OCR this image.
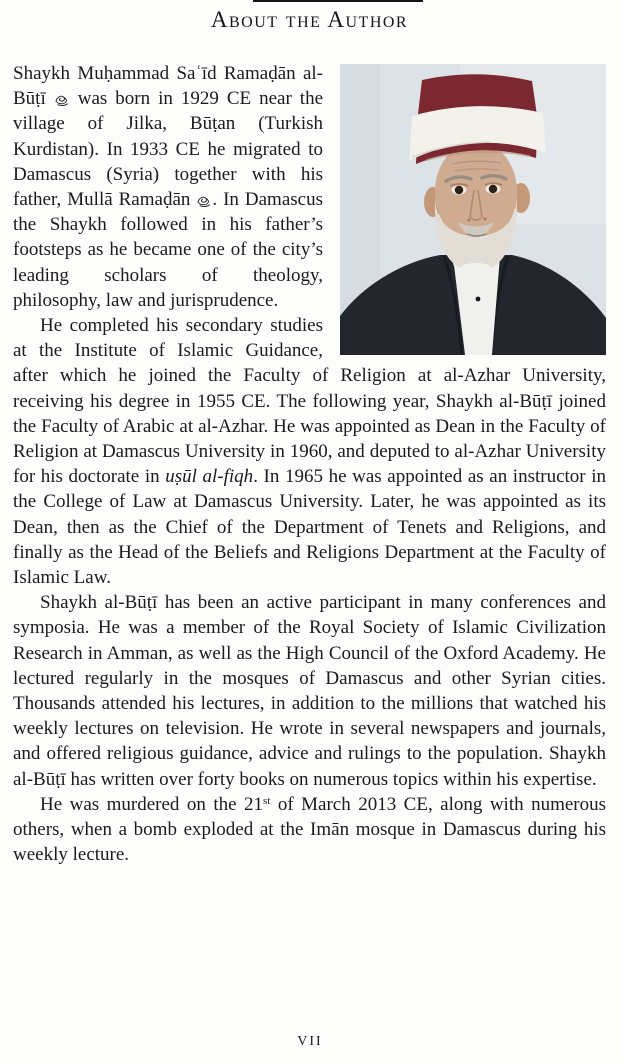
About the Author

Shaykh Muḥammad Saʿīd Ramaḍān al-Būṭī  was born in 1929 CE near the village of Jilka, Būṭan (Turkish Kurdistan). In 1933 CE he migrated to Damascus (Syria) together with his father, Mullā Ramaḍān . In Damascus the Shaykh followed in his father’s footsteps as he became one of the city’s leading scholars of theology, philosophy, law and jurisprudence.

He completed his secondary studies at the Institute of Islamic Guidance, after which he joined the Faculty of Religion at al-Azhar University, receiving his degree in 1955 CE. The following year, Shaykh al-Būṭī joined the Faculty of Arabic at al-Azhar. He was appointed as Dean in the Faculty of Religion at Damascus University in 1960, and deputed to al-Azhar University for his doctorate in uṣūl al-fiqh. In 1965 he was appointed as an instructor in the College of Law at Damascus University. Later, he was appointed as its Dean, then as the Chief of the Department of Tenets and Religions, and finally as the Head of the Beliefs and Religions Department at the Faculty of Islamic Law.

Shaykh al-Būṭī has been an active participant in many conferences and symposia. He was a member of the Royal Society of Islamic Civilization Research in Amman, as well as the High Council of the Oxford Academy. He lectured regularly in the mosques of Damascus and other Syrian cities. Thousands attended his lectures, in addition to the millions that watched his weekly lectures on television. He wrote in several newspapers and journals, and offered religious guidance, advice and rulings to the population. Shaykh al-Būṭī has written over forty books on numerous topics within his expertise.

He was murdered on the 21st of March 2013 CE, along with numerous others, when a bomb exploded at the Imān mosque in Damascus during his weekly lecture.

VII
